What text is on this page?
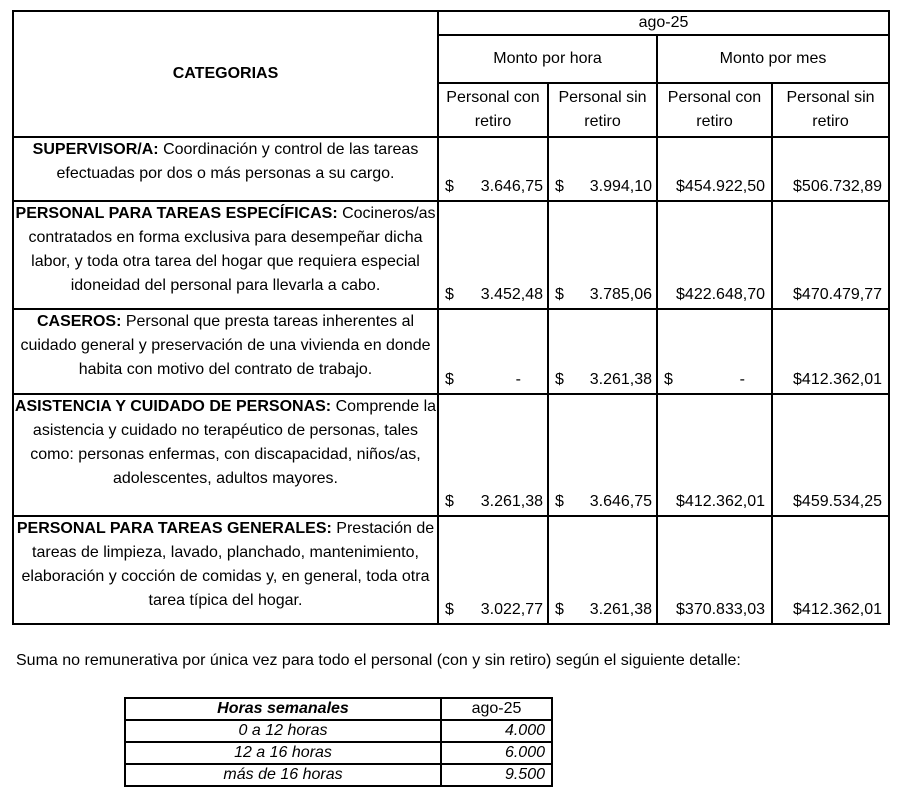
CATEGORIAS	ago-25			
	Monto por hora		Monto por mes	
	Personal con retiro	Personal sin retiro	Personal con retiro	Personal sin retiro
SUPERVISOR/A: Coordinación y control de las tareas efectuadas por dos o más personas a su cargo.	$ 3.646,75	$ 3.994,10	$454.922,50	$506.732,89
PERSONAL PARA TAREAS ESPECÍFICAS: Cocineros/as contratados en forma exclusiva para desempeñar dicha labor, y toda otra tarea del hogar que requiera especial idoneidad del personal para llevarla a cabo.	$ 3.452,48	$ 3.785,06	$422.648,70	$470.479,77
CASEROS: Personal que presta tareas inherentes al cuidado general y preservación de una vivienda en donde habita con motivo del contrato de trabajo.	$ -	$ 3.261,38	$ -	$412.362,01
ASISTENCIA Y CUIDADO DE PERSONAS: Comprende la asistencia y cuidado no terapéutico de personas, tales como: personas enfermas, con discapacidad, niños/as, adolescentes, adultos mayores.	$ 3.261,38	$ 3.646,75	$412.362,01	$459.534,25
PERSONAL PARA TAREAS GENERALES: Prestación de tareas de limpieza, lavado, planchado, mantenimiento, elaboración y cocción de comidas y, en general, toda otra tarea típica del hogar.	$ 3.022,77	$ 3.261,38	$370.833,03	$412.362,01

Suma no remunerativa por única vez para todo el personal (con y sin retiro) según el siguiente detalle:

Horas semanales	ago-25
0 a 12 horas	4.000
12 a 16 horas	6.000
más de 16 horas	9.500
